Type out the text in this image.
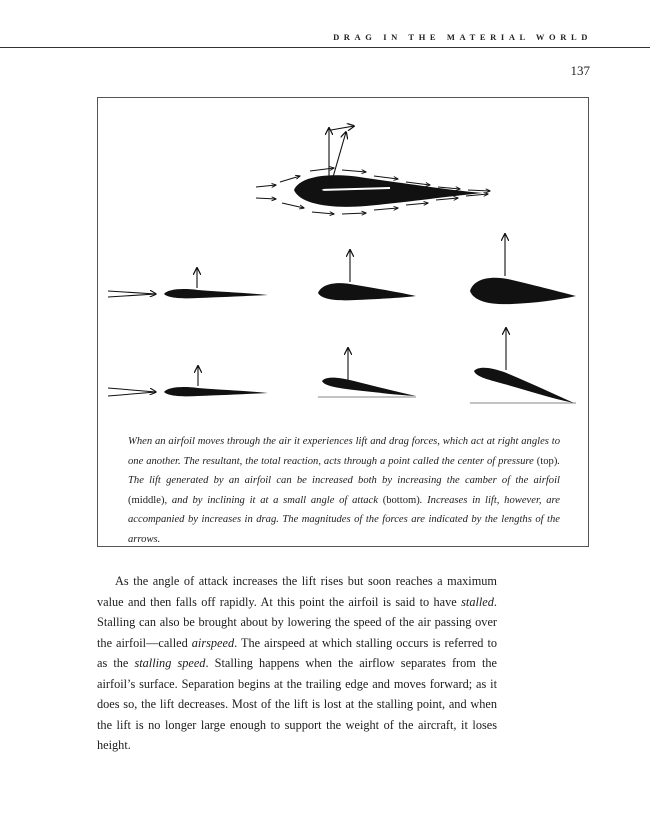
DRAG IN THE MATERIAL WORLD
137
When an airfoil moves through the air it experiences lift and drag forces, which act at right angles to one another. The resultant, the total reaction, acts through a point called the center of pressure (top). The lift generated by an airfoil can be increased both by increasing the camber of the airfoil (middle), and by inclining it at a small angle of attack (bottom). Increases in lift, however, are accompanied by increases in drag. The magnitudes of the forces are indicated by the lengths of the arrows.

As the angle of attack increases the lift rises but soon reaches a maximum value and then falls off rapidly. At this point the airfoil is said to have stalled. Stalling can also be brought about by lowering the speed of the air passing over the airfoil—called airspeed. The airspeed at which stalling occurs is referred to as the stalling speed. Stalling happens when the airflow separates from the airfoil’s surface. Separation begins at the trailing edge and moves forward; as it does so, the lift decreases. Most of the lift is lost at the stalling point, and when the lift is no longer large enough to support the weight of the aircraft, it loses height.
